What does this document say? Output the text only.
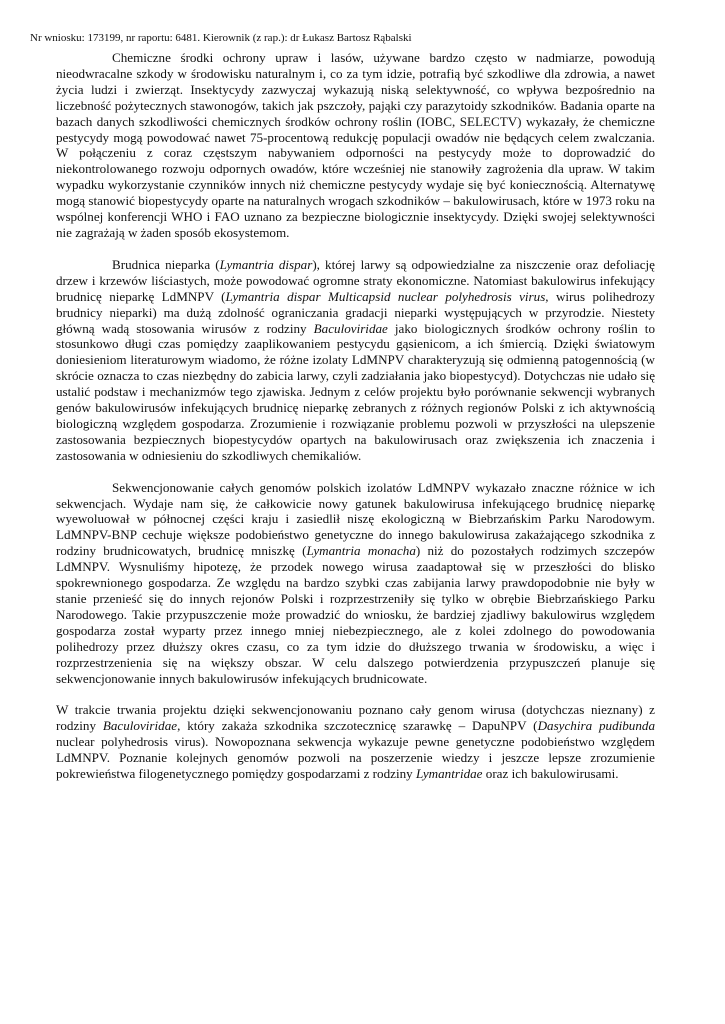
Nr wniosku: 173199, nr raportu: 6481. Kierownik (z rap.): dr Łukasz Bartosz Rąbalski

Chemiczne środki ochrony upraw i lasów, używane bardzo często w nadmiarze, powodują nieodwracalne szkody w środowisku naturalnym i, co za tym idzie, potrafią być szkodliwe dla zdrowia, a nawet życia ludzi i zwierząt. Insektycydy zazwyczaj wykazują niską selektywność, co wpływa bezpośrednio na liczebność pożytecznych stawonogów, takich jak pszczoły, pająki czy parazytoidy szkodników. Badania oparte na bazach danych szkodliwości chemicznych środków ochrony roślin (IOBC, SELECTV) wykazały, że chemiczne pestycydy mogą powodować nawet 75-procentową redukcję populacji owadów nie będących celem zwalczania. W połączeniu z coraz częstszym nabywaniem odporności na pestycydy może to doprowadzić do niekontrolowanego rozwoju odpornych owadów, które wcześniej nie stanowiły zagrożenia dla upraw. W takim wypadku wykorzystanie czynników innych niż chemiczne pestycydy wydaje się być koniecznością. Alternatywę mogą stanowić biopestycydy oparte na naturalnych wrogach szkodników – bakulowirusach, które w 1973 roku na wspólnej konferencji WHO i FAO uznano za bezpieczne biologicznie insektycydy. Dzięki swojej selektywności nie zagrażają w żaden sposób ekosystemom.

Brudnica nieparka (Lymantria dispar), której larwy są odpowiedzialne za niszczenie oraz defoliację drzew i krzewów liściastych, może powodować ogromne straty ekonomiczne. Natomiast bakulowirus infekujący brudnicę nieparkę LdMNPV (Lymantria dispar Multicapsid nuclear polyhedrosis virus, wirus polihedrozy brudnicy nieparki) ma dużą zdolność ograniczania gradacji nieparki występujących w przyrodzie. Niestety główną wadą stosowania wirusów z rodziny Baculoviridae jako biologicznych środków ochrony roślin to stosunkowo długi czas pomiędzy zaaplikowaniem pestycydu gąsienicom, a ich śmiercią. Dzięki światowym doniesieniom literaturowym wiadomo, że różne izolaty LdMNPV charakteryzują się odmienną patogennością (w skrócie oznacza to czas niezbędny do zabicia larwy, czyli zadziałania jako biopestycyd). Dotychczas nie udało się ustalić podstaw i mechanizmów tego zjawiska. Jednym z celów projektu było porównanie sekwencji wybranych genów bakulowirusów infekujących brudnicę nieparkę zebranych z różnych regionów Polski z ich aktywnością biologiczną względem gospodarza. Zrozumienie i rozwiązanie problemu pozwoli w przyszłości na ulepszenie zastosowania bezpiecznych biopestycydów opartych na bakulowirusach oraz zwiększenia ich znaczenia i zastosowania w odniesieniu do szkodliwych chemikaliów.

Sekwencjonowanie całych genomów polskich izolatów LdMNPV wykazało znaczne różnice w ich sekwencjach. Wydaje nam się, że całkowicie nowy gatunek bakulowirusa infekującego brudnicę nieparkę wyewoluował w północnej części kraju i zasiedlił niszę ekologiczną w Biebrzańskim Parku Narodowym. LdMNPV-BNP cechuje większe podobieństwo genetyczne do innego bakulowirusa zakażającego szkodnika z rodziny brudnicowatych, brudnicę mniszkę (Lymantria monacha) niż do pozostałych rodzimych szczepów LdMNPV. Wysnuliśmy hipotezę, że przodek nowego wirusa zaadaptował się w przeszłości do blisko spokrewnionego gospodarza. Ze względu na bardzo szybki czas zabijania larwy prawdopodobnie nie były w stanie przenieść się do innych rejonów Polski i rozprzestrzeniły się tylko w obrębie Biebrzańskiego Parku Narodowego. Takie przypuszczenie może prowadzić do wniosku, że bardziej zjadliwy bakulowirus względem gospodarza został wyparty przez innego mniej niebezpiecznego, ale z kolei zdolnego do powodowania polihedrozy przez dłuższy okres czasu, co za tym idzie do dłuższego trwania w środowisku, a więc i rozprzestrzenienia się na większy obszar. W celu dalszego potwierdzenia przypuszczeń planuje się sekwencjonowanie innych bakulowirusów infekujących brudnicowate.

W trakcie trwania projektu dzięki sekwencjonowaniu poznano cały genom wirusa (dotychczas nieznany) z rodziny Baculoviridae, który zakaża szkodnika szczotecznicę szarawkę – DapuNPV (Dasychira pudibunda nuclear polyhedrosis virus). Nowopoznana sekwencja wykazuje pewne genetyczne podobieństwo względem LdMNPV. Poznanie kolejnych genomów pozwoli na poszerzenie wiedzy i jeszcze lepsze zrozumienie pokrewieństwa filogenetycznego pomiędzy gospodarzami z rodziny Lymantridae oraz ich bakulowirusami.
